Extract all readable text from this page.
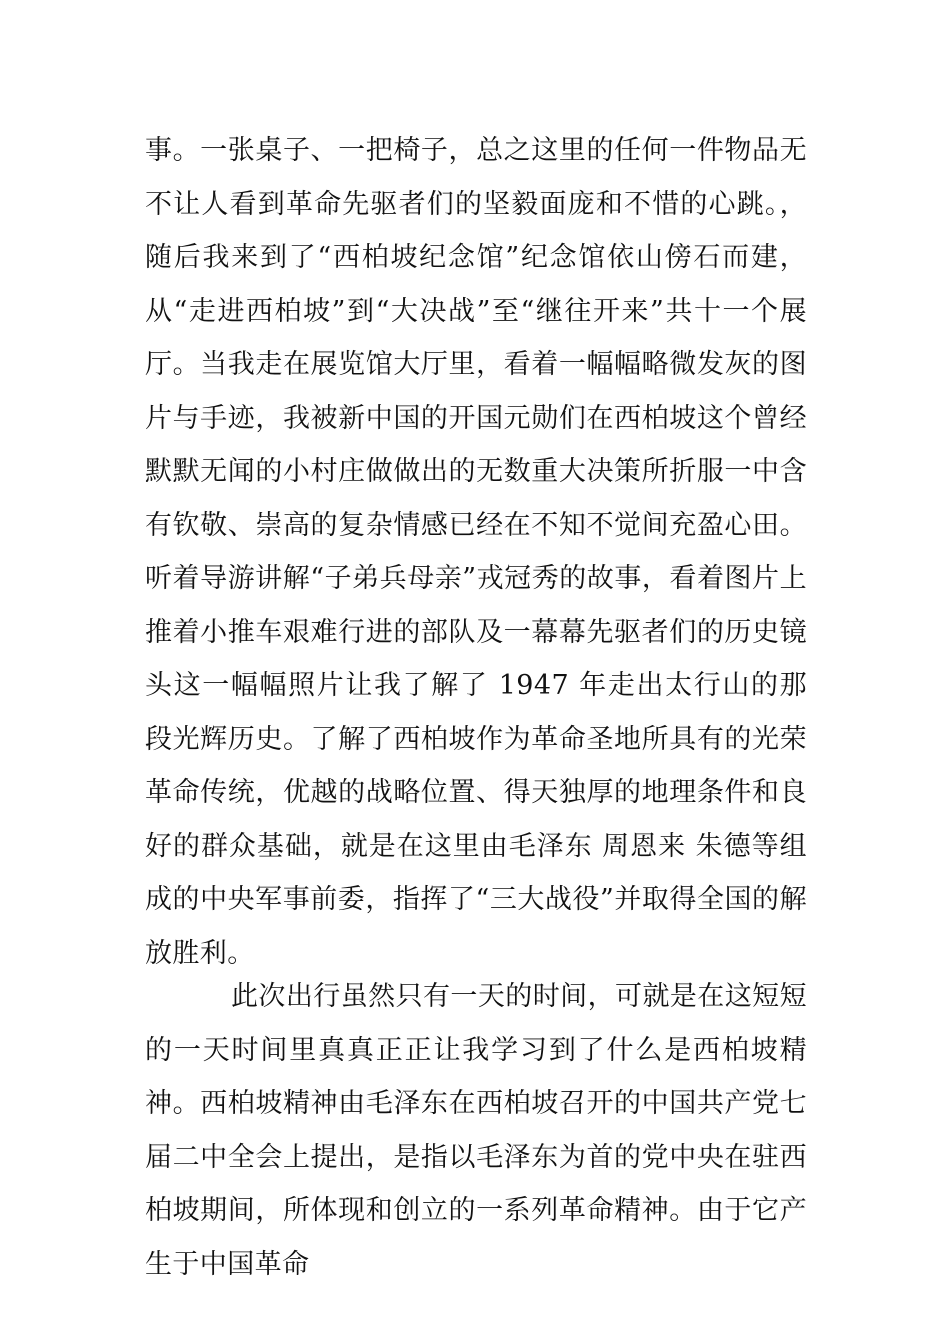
事。一张桌子、一把椅子，总之这里的任何一件物品无不让人看到革命先驱者们的坚毅面庞和不惜的心跳。，随后我来到了“西柏坡纪念馆”纪念馆依山傍石而建，从“走进西柏坡”到“大决战”至“继往开来”共十一个展厅。当我走在展览馆大厅里，看着一幅幅略微发灰的图片与手迹，我被新中国的开国元勋们在西柏坡这个曾经默默无闻的小村庄做做出的无数重大决策所折服一中含有钦敬、崇高的复杂情感已经在不知不觉间充盈心田。听着导游讲解“子弟兵母亲”戎冠秀的故事，看着图片上推着小推车艰难行进的部队及一幕幕先驱者们的历史镜头这一幅幅照片让我了解了 1947 年走出太行山的那段光辉历史。了解了西柏坡作为革命圣地所具有的光荣革命传统，优越的战略位置、得天独厚的地理条件和良好的群众基础，就是在这里由毛泽东 周恩来 朱德等组成的中央军事前委，指挥了“三大战役”并取得全国的解放胜利。

此次出行虽然只有一天的时间，可就是在这短短的一天时间里真真正正让我学习到了什么是西柏坡精神。西柏坡精神由毛泽东在西柏坡召开的中国共产党七届二中全会上提出，是指以毛泽东为首的党中央在驻西柏坡期间，所体现和创立的一系列革命精神。由于它产生于中国革命
